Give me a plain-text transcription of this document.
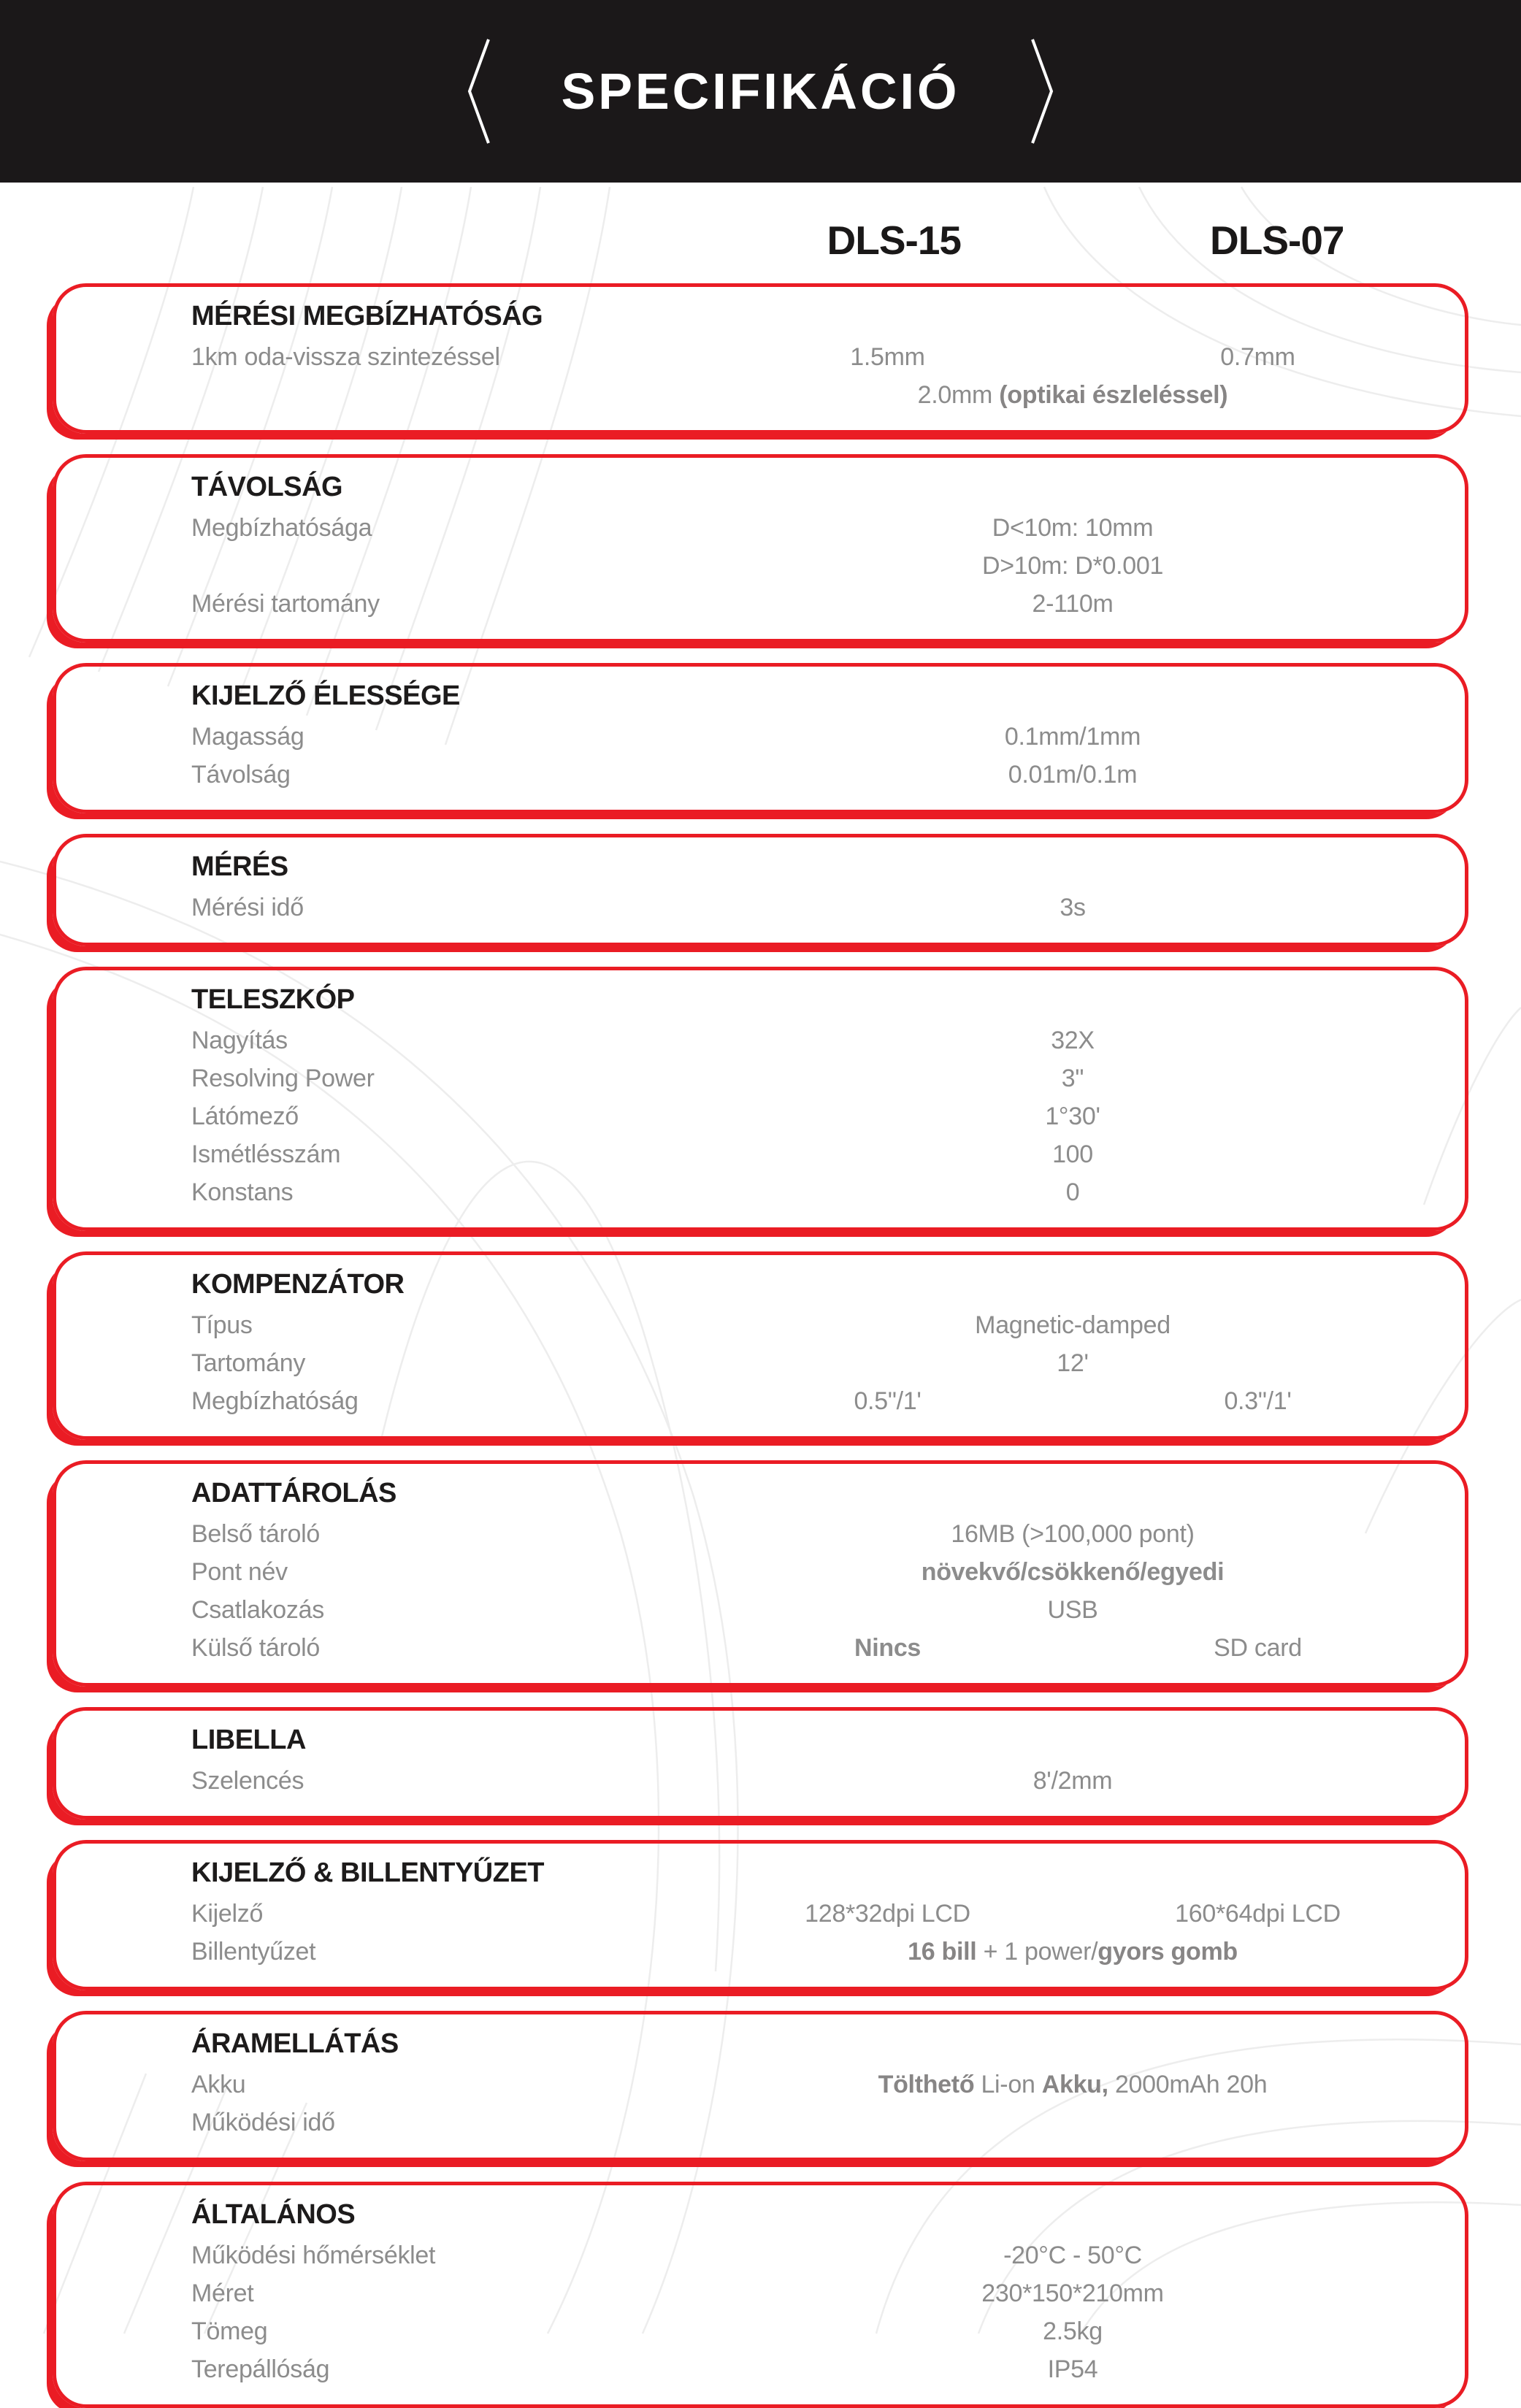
SPECIFIKÁCIÓ
DLS-15	DLS-07
MÉRÉSI MEGBÍZHATÓSÁG
1km oda-vissza szintezéssel	1.5mm	0.7mm
2.0mm (optikai észleléssel)
TÁVOLSÁG
Megbízhatósága	D<10m: 10mm
D>10m: D*0.001
Mérési tartomány	2-110m
KIJELZŐ ÉLESSÉGE
Magasság	0.1mm/1mm
Távolság	0.01m/0.1m
MÉRÉS
Mérési idő	3s
TELESZKÓP
Nagyítás	32X
Resolving Power	3"
Látómező	1°30'
Ismétlésszám	100
Konstans	0
KOMPENZÁTOR
Típus	Magnetic-damped
Tartomány	12'
Megbízhatóság	0.5"/1'	0.3"/1'
ADATTÁROLÁS
Belső tároló	16MB (>100,000 pont)
Pont név	növekvő/csökkenő/egyedi
Csatlakozás	USB
Külső tároló	Nincs	SD card
LIBELLA
Szelencés	8'/2mm
KIJELZŐ & BILLENTYŰZET
Kijelző	128*32dpi LCD	160*64dpi LCD
Billentyűzet	16 bill + 1 power/gyors gomb
ÁRAMELLÁTÁS
Akku	Tölthető Li-on Akku, 2000mAh 20h
Működési idő
ÁLTALÁNOS
Működési hőmérséklet	-20°C - 50°C
Méret	230*150*210mm
Tömeg	2.5kg
Terepállóság	IP54
